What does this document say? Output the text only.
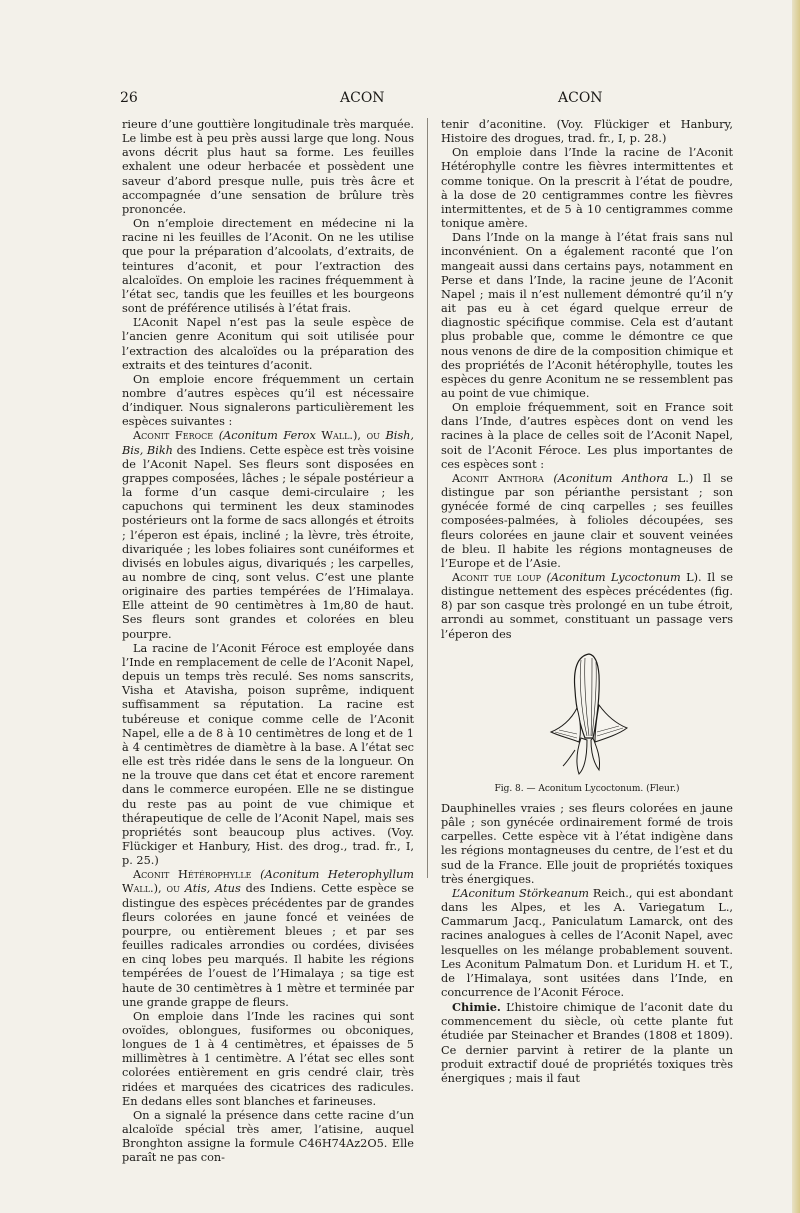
26	ACON	ACON

rieure d’une gouttière longitudinale très marquée. Le limbe est à peu près aussi large que long. Nous avons décrit plus haut sa forme. Les feuilles exhalent une odeur herbacée et possèdent une saveur d’abord presque nulle, puis très âcre et accompagnée d’une sensation de brûlure très prononcée.

On n’emploie directement en médecine ni la racine ni les feuilles de l’Aconit. On ne les utilise que pour la préparation d’alcoolats, d’extraits, de teintures d’aconit, et pour l’extraction des alcaloïdes. On emploie les racines fréquemment à l’état sec, tandis que les feuilles et les bourgeons sont de préférence utilisés à l’état frais.

L’Aconit Napel n’est pas la seule espèce de l’ancien genre Aconitum qui soit utilisée pour l’extraction des alcaloïdes ou la préparation des extraits et des teintures d’aconit.

On emploie encore fréquemment un certain nombre d’autres espèces qu’il est nécessaire d’indiquer. Nous signalerons particulièrement les espèces suivantes :

Aconit Feroce (Aconitum Ferox Wall.), ou Bish, Bis, Bikh des Indiens. Cette espèce est très voisine de l’Aconit Napel. Ses fleurs sont disposées en grappes composées, lâches ; le sépale postérieur a la forme d’un casque demi-circulaire ; les capuchons qui terminent les deux staminodes postérieurs ont la forme de sacs allongés et étroits ; l’éperon est épais, incliné ; la lèvre, très étroite, divariquée ; les lobes foliaires sont cunéiformes et divisés en lobules aigus, divariqués ; les carpelles, au nombre de cinq, sont velus. C’est une plante originaire des parties tempérées de l’Himalaya. Elle atteint de 90 centimètres à 1m,80 de haut. Ses fleurs sont grandes et colorées en bleu pourpre.

La racine de l’Aconit Féroce est employée dans l’Inde en remplacement de celle de l’Aconit Napel, depuis un temps très reculé. Ses noms sanscrits, Visha et Atavisha, poison suprême, indiquent suffisamment sa réputation. La racine est tubéreuse et conique comme celle de l’Aconit Napel, elle a de 8 à 10 centimètres de long et de 1 à 4 centimètres de diamètre à la base. A l’état sec elle est très ridée dans le sens de la longueur. On ne la trouve que dans cet état et encore rarement dans le commerce européen. Elle ne se distingue du reste pas au point de vue chimique et thérapeutique de celle de l’Aconit Napel, mais ses propriétés sont beaucoup plus actives. (Voy. Flückiger et Hanbury, Hist. des drog., trad. fr., I, p. 25.)

Aconit Hétérophylle (Aconitum Heterophyllum Wall.), ou Atis, Atus des Indiens. Cette espèce se distingue des espèces précédentes par de grandes fleurs colorées en jaune foncé et veinées de pourpre, ou entièrement bleues ; et par ses feuilles radicales arrondies ou cordées, divisées en cinq lobes peu marqués. Il habite les régions tempérées de l’ouest de l’Himalaya ; sa tige est haute de 30 centimètres à 1 mètre et terminée par une grande grappe de fleurs.

On emploie dans l’Inde les racines qui sont ovoïdes, oblongues, fusiformes ou obconiques, longues de 1 à 4 centimètres, et épaisses de 5 millimètres à 1 centimètre. A l’état sec elles sont colorées entièrement en gris cendré clair, très ridées et marquées des cicatrices des radicules. En dedans elles sont blanches et farineuses.

On a signalé la présence dans cette racine d’un alcaloïde spécial très amer, l’atisine, auquel Bronghton assigne la formule C46H74Az2O5. Elle paraît ne pas con-

tenir d’aconitine. (Voy. Flückiger et Hanbury, Histoire des drogues, trad. fr., I, p. 28.)

On emploie dans l’Inde la racine de l’Aconit Hétérophylle contre les fièvres intermittentes et comme tonique. On la prescrit à l’état de poudre, à la dose de 20 centigrammes contre les fièvres intermittentes, et de 5 à 10 centigrammes comme tonique amère.

Dans l’Inde on la mange à l’état frais sans nul inconvénient. On a également raconté que l’on mangeait aussi dans certains pays, notamment en Perse et dans l’Inde, la racine jeune de l’Aconit Napel ; mais il n’est nullement démontré qu’il n’y ait pas eu à cet égard quelque erreur de diagnostic spécifique commise. Cela est d’autant plus probable que, comme le démontre ce que nous venons de dire de la composition chimique et des propriétés de l’Aconit hétérophylle, toutes les espèces du genre Aconitum ne se ressemblent pas au point de vue chimique.

On emploie fréquemment, soit en France soit dans l’Inde, d’autres espèces dont on vend les racines à la place de celles soit de l’Aconit Napel, soit de l’Aconit Féroce. Les plus importantes de ces espèces sont :

Aconit Anthora (Aconitum Anthora L.) Il se distingue par son périanthe persistant ; son gynécée formé de cinq carpelles ; ses feuilles composées-palmées, à folioles découpées, ses fleurs colorées en jaune clair et souvent veinées de bleu. Il habite les régions montagneuses de l’Europe et de l’Asie.

Aconit tue loup (Aconitum Lycoctonum L). Il se distingue nettement des espèces précédentes (fig. 8) par son casque très prolongé en un tube étroit, arrondi au sommet, constituant un passage vers l’éperon des

Fig. 8. — Aconitum Lycoctonum. (Fleur.)

Dauphinelles vraies ; ses fleurs colorées en jaune pâle ; son gynécée ordinairement formé de trois carpelles. Cette espèce vit à l’état indigène dans les régions montagneuses du centre, de l’est et du sud de la France. Elle jouit de propriétés toxiques très énergiques.

L’Aconitum Störkeanum Reich., qui est abondant dans les Alpes, et les A. Variegatum L., Cammarum Jacq., Paniculatum Lamarck, ont des racines analogues à celles de l’Aconit Napel, avec lesquelles on les mélange probablement souvent. Les Aconitum Palmatum Don. et Luridum H. et T., de l’Himalaya, sont usitées dans l’Inde, en concurrence de l’Aconit Féroce.

Chimie. L’histoire chimique de l’aconit date du commencement du siècle, où cette plante fut étudiée par Steinacher et Brandes (1808 et 1809). Ce dernier parvint à retirer de la plante un produit extractif doué de propriétés toxiques très énergiques ; mais il faut
